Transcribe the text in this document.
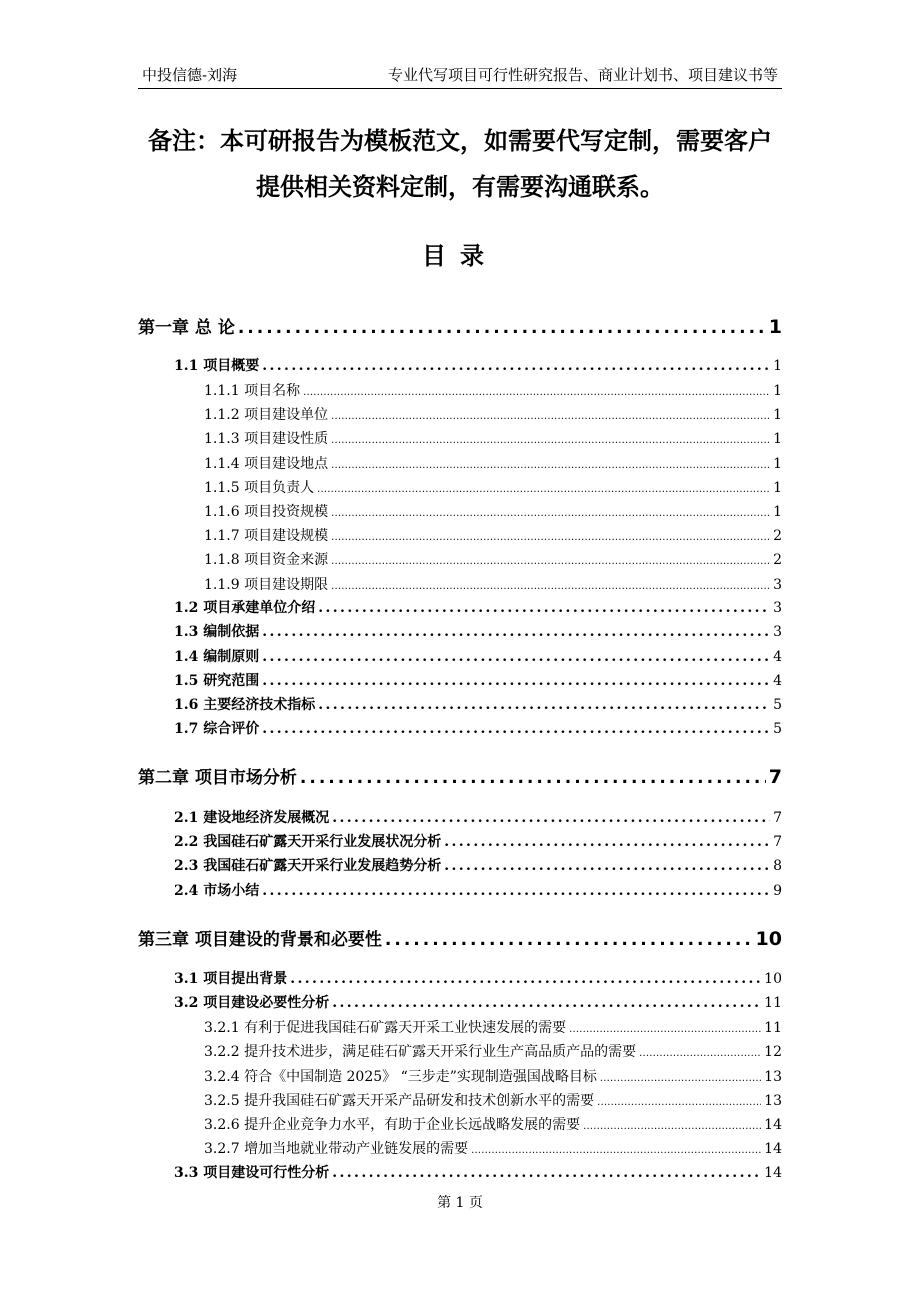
中投信德-刘海	专业代写项目可行性研究报告、商业计划书、项目建议书等
备注：本可研报告为模板范文，如需要代写定制，需要客户
提供相关资料定制，有需要沟通联系。
目录
第一章 总 论 .....	1
1.1 项目概要 .....	1
1.1.1 项目名称 .....	1
1.1.2 项目建设单位 .....	1
1.1.3 项目建设性质 .....	1
1.1.4 项目建设地点 .....	1
1.1.5 项目负责人 .....	1
1.1.6 项目投资规模 .....	1
1.1.7 项目建设规模 .....	2
1.1.8 项目资金来源 .....	2
1.1.9 项目建设期限 .....	3
1.2 项目承建单位介绍 .....	3
1.3 编制依据 .....	3
1.4 编制原则 .....	4
1.5 研究范围 .....	4
1.6 主要经济技术指标 .....	5
1.7 综合评价 .....	5
第二章 项目市场分析 .....	7
2.1 建设地经济发展概况 .....	7
2.2 我国硅石矿露天开采行业发展状况分析 .....	7
2.3 我国硅石矿露天开采行业发展趋势分析 .....	8
2.4 市场小结 .....	9
第三章 项目建设的背景和必要性 .....	10
3.1 项目提出背景 .....	10
3.2 项目建设必要性分析 .....	11
3.2.1 有利于促进我国硅石矿露天开采工业快速发展的需要 .....	11
3.2.2 提升技术进步，满足硅石矿露天开采行业生产高品质产品的需要 .....	12
3.2.4 符合《中国制造 2025》 “三步走”实现制造强国战略目标 .....	13
3.2.5 提升我国硅石矿露天开采产品研发和技术创新水平的需要 .....	13
3.2.6 提升企业竞争力水平，有助于企业长远战略发展的需要 .....	14
3.2.7 增加当地就业带动产业链发展的需要 .....	14
3.3 项目建设可行性分析 .....	14
第 1 页
